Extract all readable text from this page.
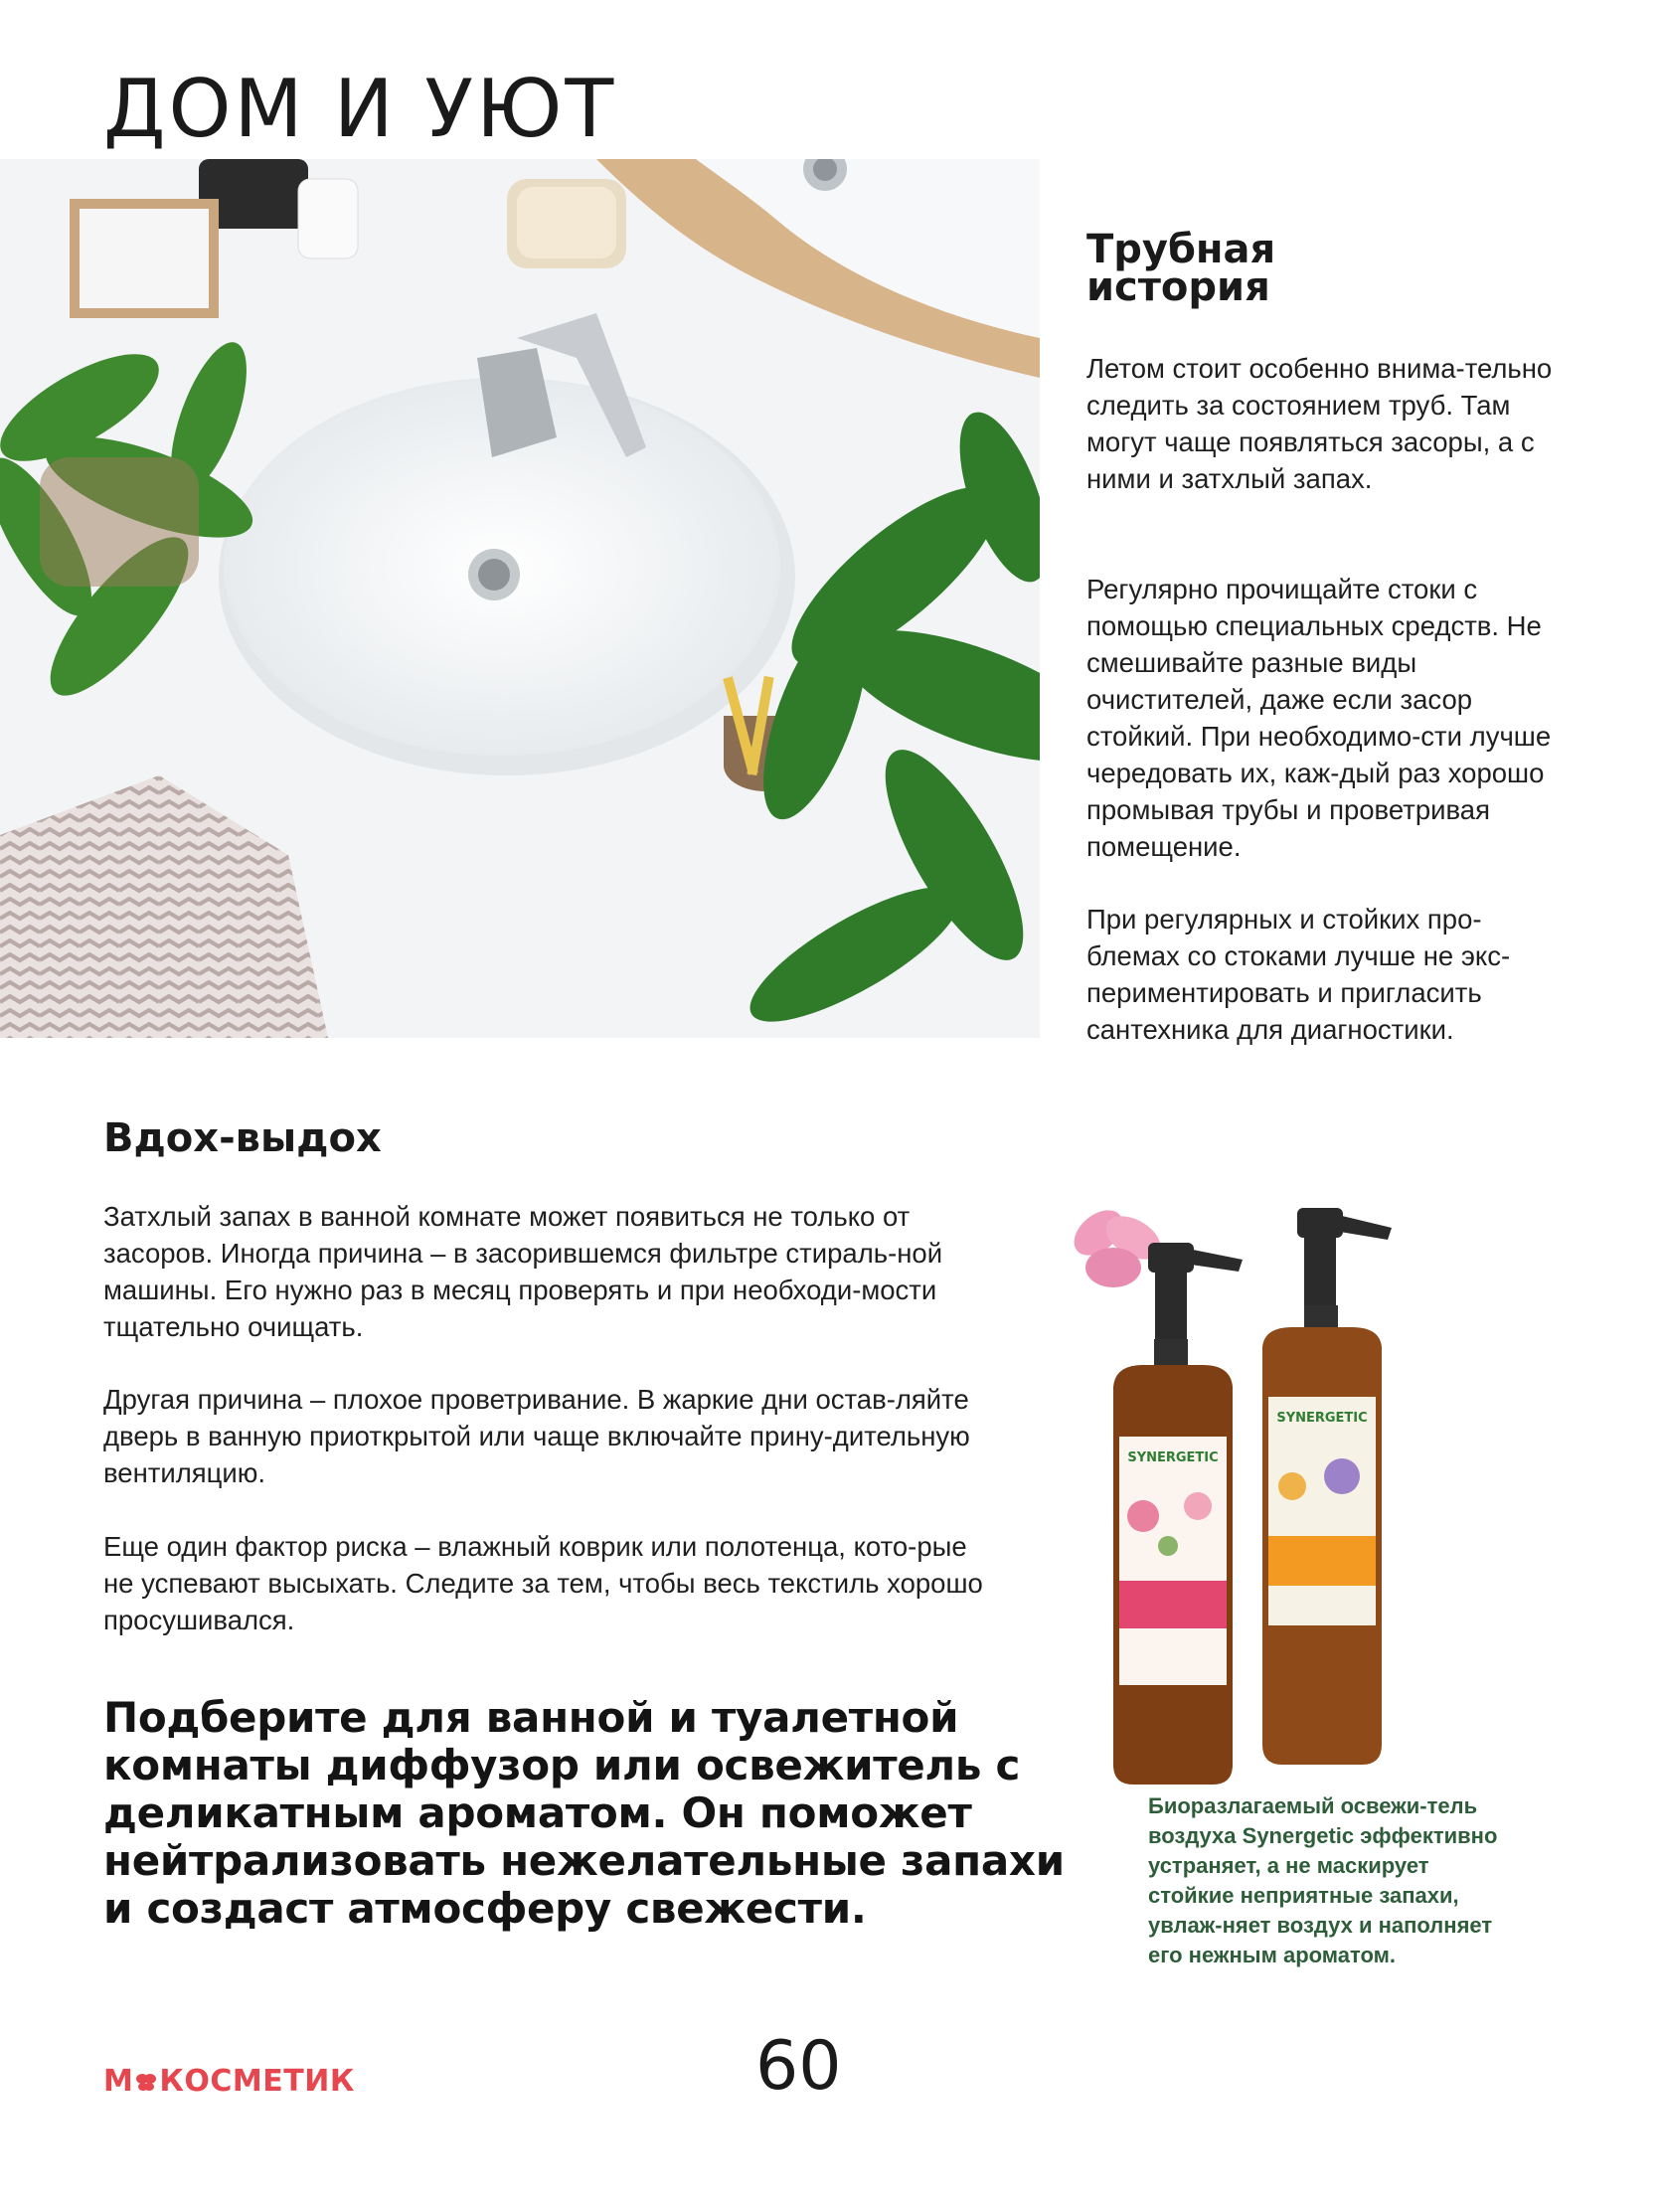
ДОМ И УЮТ
Трубная история

Летом стоит особенно внима-тельно следить за состоянием труб. Там могут чаще появляться засоры, а с ними и затхлый запах.

Регулярно прочищайте стоки с помощью специальных средств. Не смешивайте разные виды очистителей, даже если засор стойкий. При необходимо-сти лучше чередовать их, каж-дый раз хорошо промывая трубы и проветривая помещение.

При регулярных и стойких про-блемах со стоками лучше не экс-периментировать и пригласить сантехника для диагностики.

Вдох-выдох

Затхлый запах в ванной комнате может появиться не только от засоров. Иногда причина – в засорившемся фильтре стираль-ной машины. Его нужно раз в месяц проверять и при необходи-мости тщательно очищать.

Другая причина – плохое проветривание. В жаркие дни остав-ляйте дверь в ванную приоткрытой или чаще включайте прину-дительную вентиляцию.

Еще один фактор риска – влажный коврик или полотенца, кото-рые не успевают высыхать. Следите за тем, чтобы весь текстиль хорошо просушивался.

Подберите для ванной и туалетной комнаты диффузор или освежитель с деликатным ароматом. Он поможет нейтрализовать нежелательные запахи и создаст атмосферу свежести.

SYNERGETIC
SYNERGETIC

Биоразлагаемый освежи-тель воздуха Synergetic эффективно устраняет, а не маскирует стойкие неприятные запахи, увлаж-няет воздух и наполняет его нежным ароматом.

М КОСМЕТИК	60
